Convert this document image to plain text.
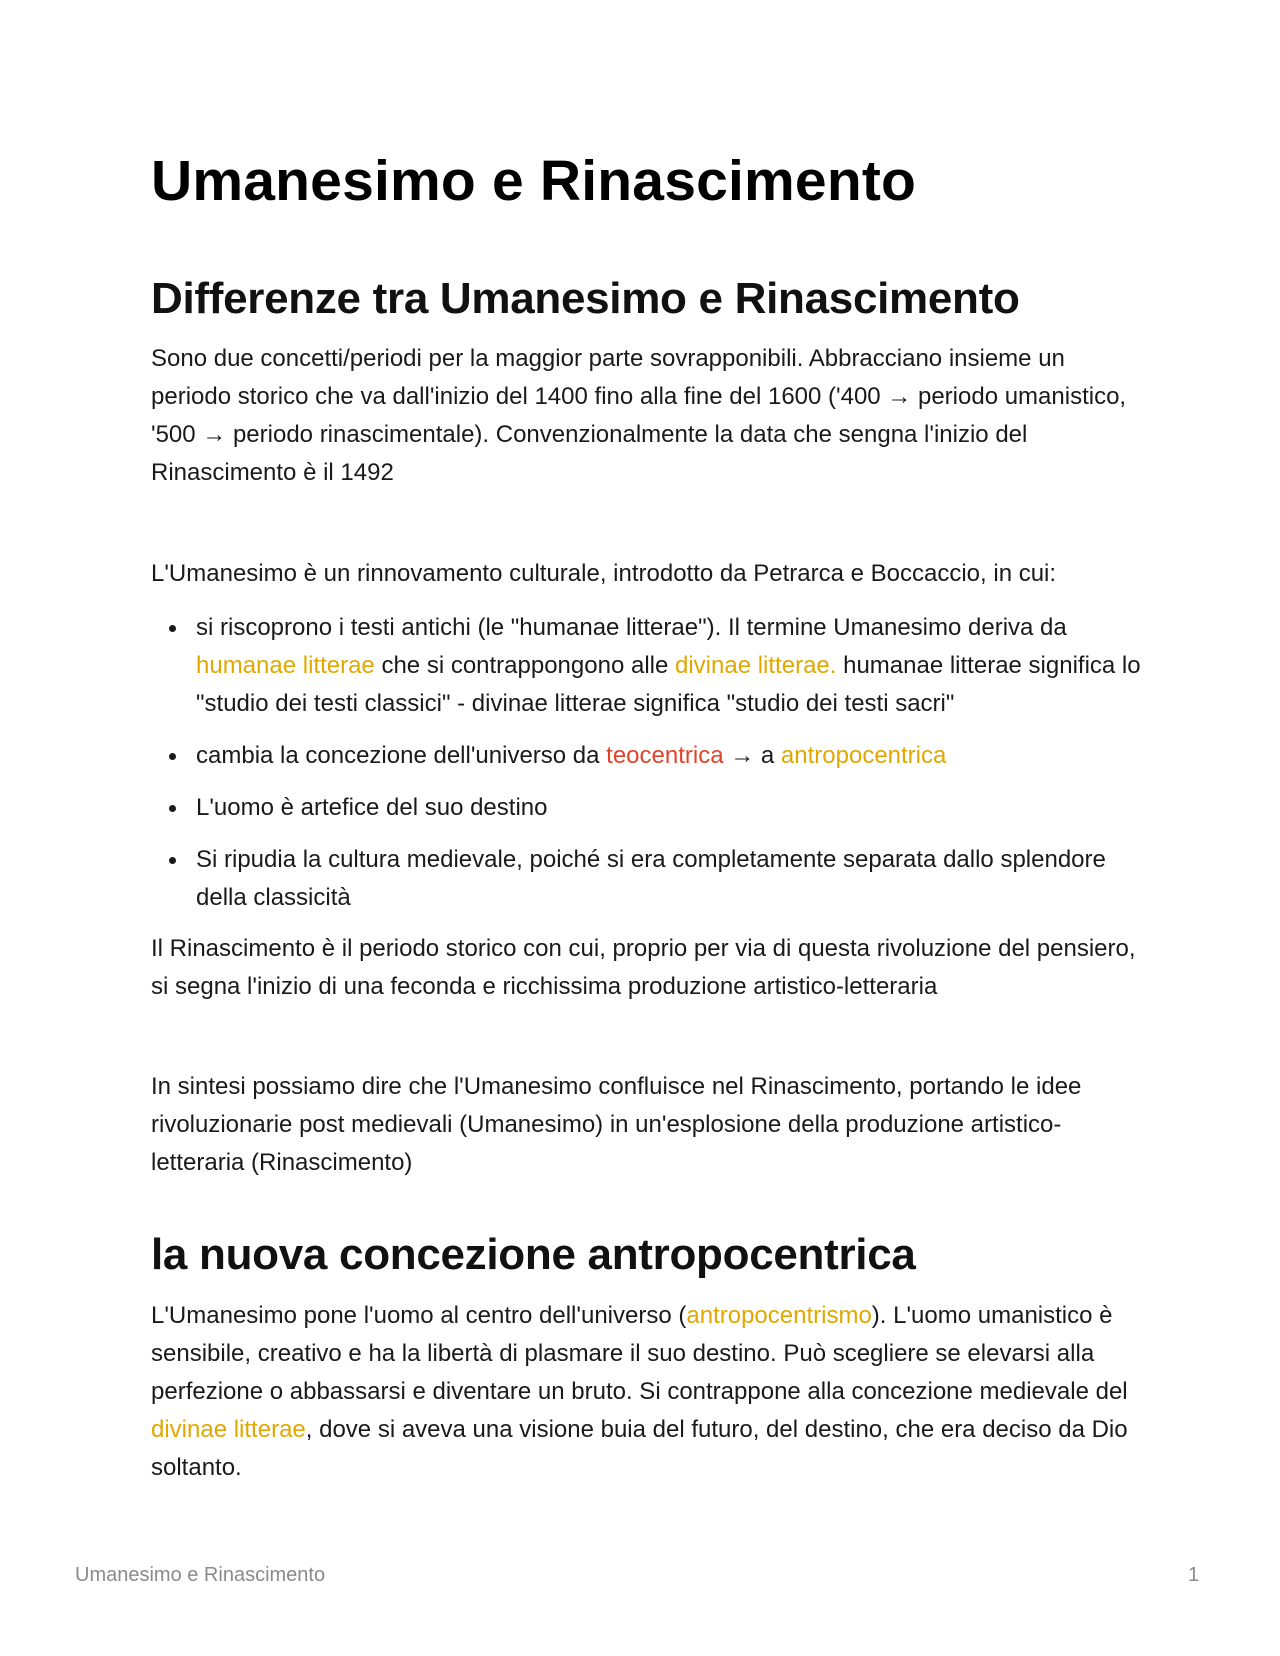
Umanesimo e Rinascimento
Differenze tra Umanesimo e Rinascimento

Sono due concetti/periodi per la maggior parte sovrapponibili. Abbracciano insieme un periodo storico che va dall'inizio del 1400 fino alla fine del 1600 ('400 → periodo umanistico, '500 → periodo rinascimentale). Convenzionalmente la data che sengna l'inizio del Rinascimento è il 1492

L'Umanesimo è un rinnovamento culturale, introdotto da Petrarca e Boccaccio, in cui:

si riscoprono i testi antichi (le "humanae litterae"). Il termine Umanesimo deriva da humanae litterae che si contrappongono alle divinae litterae. humanae litterae significa lo "studio dei testi classici" - divinae litterae significa "studio dei testi sacri"
cambia la concezione dell'universo da teocentrica → a antropocentrica
L'uomo è artefice del suo destino
Si ripudia la cultura medievale, poiché si era completamente separata dallo splendore della classicità

Il Rinascimento è il periodo storico con cui, proprio per via di questa rivoluzione del pensiero, si segna l'inizio di una feconda e ricchissima produzione artistico-letteraria

In sintesi possiamo dire che l'Umanesimo confluisce nel Rinascimento, portando le idee rivoluzionarie post medievali (Umanesimo) in un'esplosione della produzione artistico-letteraria (Rinascimento)

la nuova concezione antropocentrica

L'Umanesimo pone l'uomo al centro dell'universo (antropocentrismo). L'uomo umanistico è sensibile, creativo e ha la libertà di plasmare il suo destino. Può scegliere se elevarsi alla perfezione o abbassarsi e diventare un bruto. Si contrappone alla concezione medievale del divinae litterae, dove si aveva una visione buia del futuro, del destino, che era deciso da Dio soltanto.

Umanesimo e Rinascimento	1
